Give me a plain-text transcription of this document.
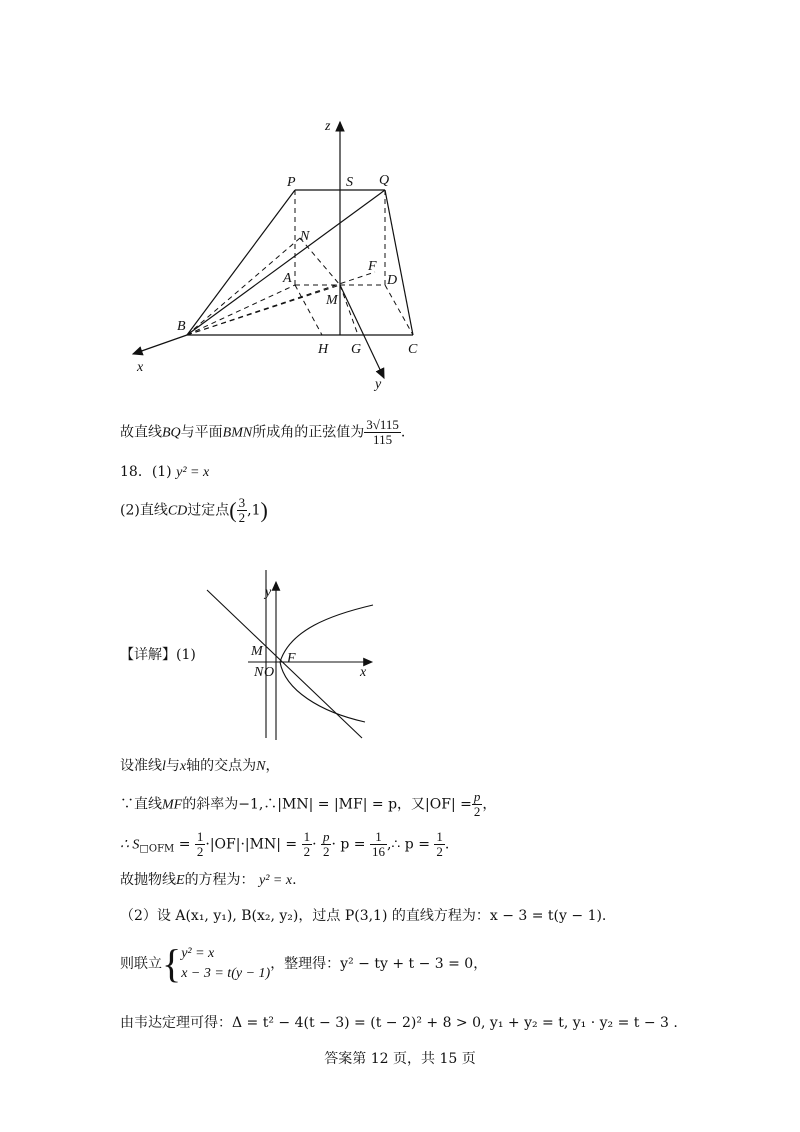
z
P	S Q
N
A
F
D
M
B
H G	C
x
y
故直线BQ与平面BMN所成角的正弦值为 $\frac{3√115}{115}$ .
18．(1) y² = x
(2)直线CD过定点( $\frac{3}{2} ,1$)
【详解】(1)
y
M F
N O	x
设准线l与x轴的交点为N，
∵直线MF的斜率为−1,∴|MN| = |MF| = p，又$|OF| = \frac{p}{2}$ ，
∴ $S_{□OFM} = \frac{1}{2} \cdot|OF|\cdot|MN| = \frac{1}{2} \cdot \frac{p}{2} \cdot p = \frac{1}{16}$ ,∴ $p = \frac{1}{2}$ .
故抛物线E的方程为： y² = x.
（2）设 A(x₁, y₁), B(x₂, y₂)，过点 P(3,1) 的直线方程为：x − 3 = t(y − 1).
则联立{y² = x
x − 3 = t(y − 1)，整理得：y² − ty + t − 3 = 0，
由韦达定理可得：Δ = t² − 4(t − 3) = (t − 2)² + 8 > 0, y₁ + y₂ = t, y₁ · y₂ = t − 3 .
答案第 12 页，共 15 页
